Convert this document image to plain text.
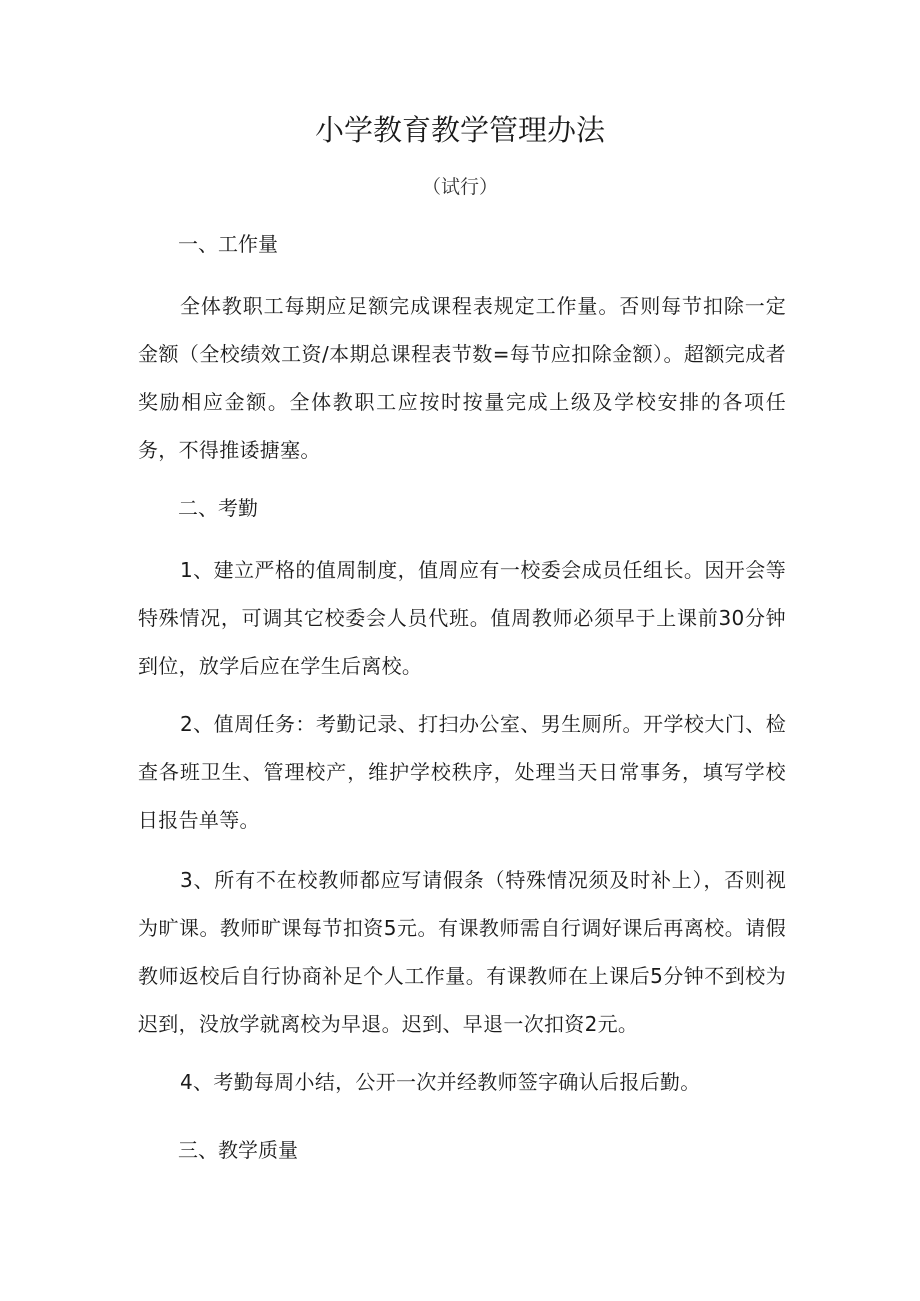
小学教育教学管理办法
（试行）
一、工作量
全体教职工每期应足额完成课程表规定工作量。否则每节扣除一定金额（全校绩效工资/本期总课程表节数=每节应扣除金额）。超额完成者奖励相应金额。全体教职工应按时按量完成上级及学校安排的各项任务，不得推诿搪塞。
二、考勤
1、建立严格的值周制度，值周应有一校委会成员任组长。因开会等特殊情况，可调其它校委会人员代班。值周教师必须早于上课前30分钟到位，放学后应在学生后离校。
2、值周任务：考勤记录、打扫办公室、男生厕所。开学校大门、检查各班卫生、管理校产，维护学校秩序，处理当天日常事务，填写学校日报告单等。
3、所有不在校教师都应写请假条（特殊情况须及时补上），否则视为旷课。教师旷课每节扣资5元。有课教师需自行调好课后再离校。请假教师返校后自行协商补足个人工作量。有课教师在上课后5分钟不到校为迟到，没放学就离校为早退。迟到、早退一次扣资2元。
4、考勤每周小结，公开一次并经教师签字确认后报后勤。
三、教学质量
